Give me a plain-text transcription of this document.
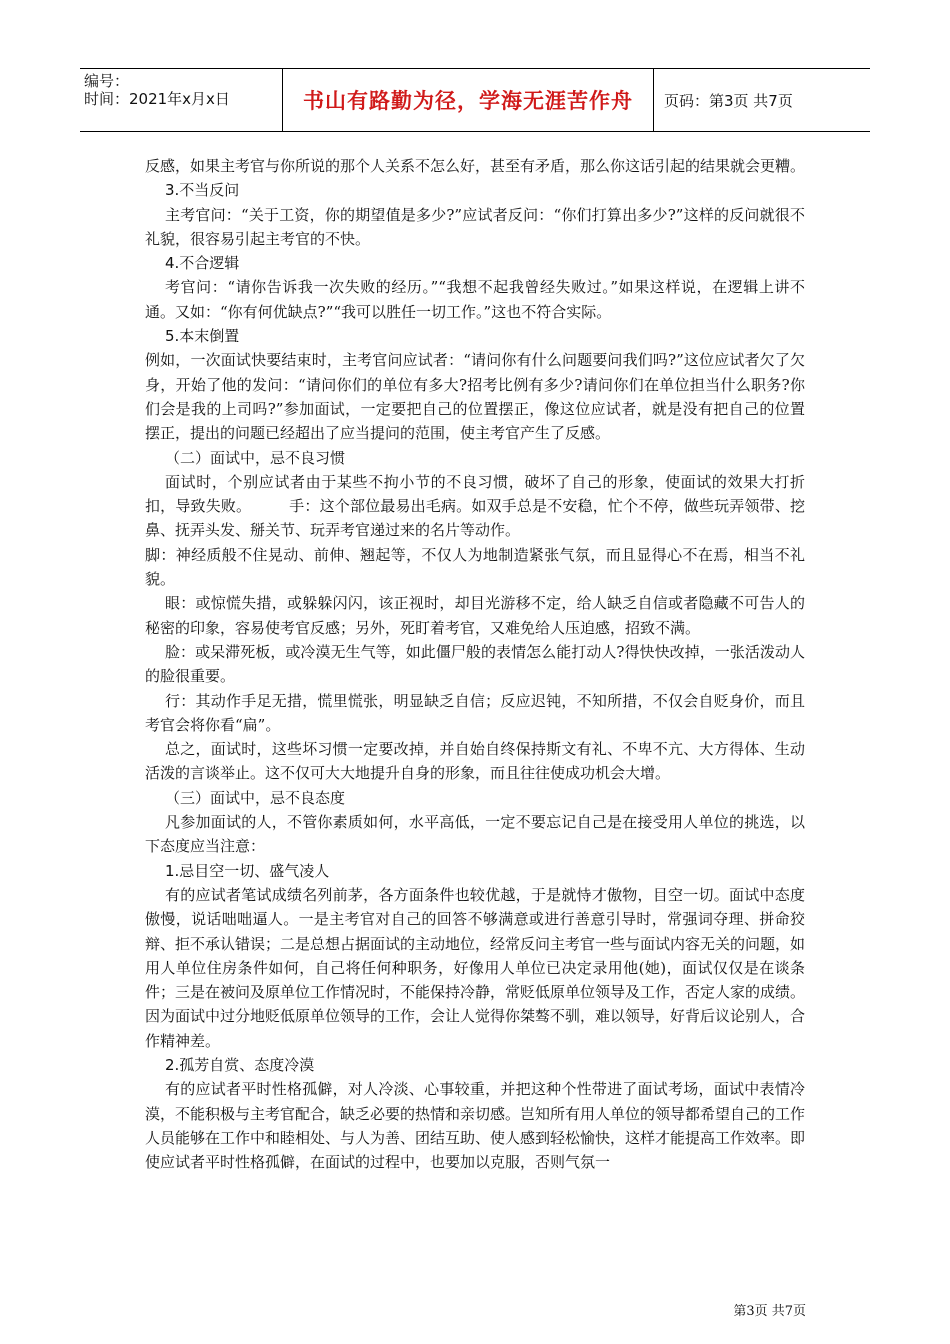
编号：
时间：2021年x月x日	书山有路勤为径，学海无涯苦作舟	页码：第3页 共7页

反感，如果主考官与你所说的那个人关系不怎么好，甚至有矛盾，那么你这话引起的结果就会更糟。

3.不当反问

主考官问：“关于工资，你的期望值是多少?”应试者反问：“你们打算出多少?”这样的反问就很不礼貌，很容易引起主考官的不快。

4.不合逻辑

考官问：“请你告诉我一次失败的经历。”“我想不起我曾经失败过。”如果这样说，在逻辑上讲不通。又如：“你有何优缺点?”“我可以胜任一切工作。”这也不符合实际。

5.本末倒置

例如，一次面试快要结束时，主考官问应试者：“请问你有什么问题要问我们吗?”这位应试者欠了欠身，开始了他的发问：“请问你们的单位有多大?招考比例有多少?请问你们在单位担当什么职务?你们会是我的上司吗?”参加面试，一定要把自己的位置摆正，像这位应试者，就是没有把自己的位置摆正，提出的问题已经超出了应当提问的范围，使主考官产生了反感。

（二）面试中，忌不良习惯

面试时，个别应试者由于某些不拘小节的不良习惯，破坏了自己的形象，使面试的效果大打折扣，导致失败。　　　手：这个部位最易出毛病。如双手总是不安稳，忙个不停，做些玩弄领带、挖鼻、抚弄头发、掰关节、玩弄考官递过来的名片等动作。

脚：神经质般不住晃动、前伸、翘起等，不仅人为地制造紧张气氛，而且显得心不在焉，相当不礼貌。

眼：或惊慌失措，或躲躲闪闪，该正视时，却目光游移不定，给人缺乏自信或者隐藏不可告人的秘密的印象，容易使考官反感；另外，死盯着考官，又难免给人压迫感，招致不满。

脸：或呆滞死板，或冷漠无生气等，如此僵尸般的表情怎么能打动人?得快快改掉，一张活泼动人的脸很重要。

行：其动作手足无措，慌里慌张，明显缺乏自信；反应迟钝，不知所措，不仅会自贬身价，而且考官会将你看“扁”。

总之，面试时，这些坏习惯一定要改掉，并自始自终保持斯文有礼、不卑不亢、大方得体、生动活泼的言谈举止。这不仅可大大地提升自身的形象，而且往往使成功机会大增。

（三）面试中，忌不良态度

凡参加面试的人，不管你素质如何，水平高低，一定不要忘记自己是在接受用人单位的挑选，以下态度应当注意：

1.忌目空一切、盛气凌人

有的应试者笔试成绩名列前茅，各方面条件也较优越，于是就恃才傲物，目空一切。面试中态度傲慢，说话咄咄逼人。一是主考官对自己的回答不够满意或进行善意引导时，常强词夺理、拼命狡辩、拒不承认错误；二是总想占据面试的主动地位，经常反问主考官一些与面试内容无关的问题，如用人单位住房条件如何，自己将任何种职务，好像用人单位已决定录用他(她)，面试仅仅是在谈条件；三是在被问及原单位工作情况时，不能保持冷静，常贬低原单位领导及工作，否定人家的成绩。因为面试中过分地贬低原单位领导的工作，会让人觉得你桀骜不驯，难以领导，好背后议论别人，合作精神差。

2.孤芳自赏、态度冷漠

有的应试者平时性格孤僻，对人冷淡、心事较重，并把这种个性带进了面试考场，面试中表情冷漠，不能积极与主考官配合，缺乏必要的热情和亲切感。岂知所有用人单位的领导都希望自己的工作人员能够在工作中和睦相处、与人为善、团结互助、使人感到轻松愉快，这样才能提高工作效率。即使应试者平时性格孤僻，在面试的过程中，也要加以克服，否则气氛一

第3页 共7页
